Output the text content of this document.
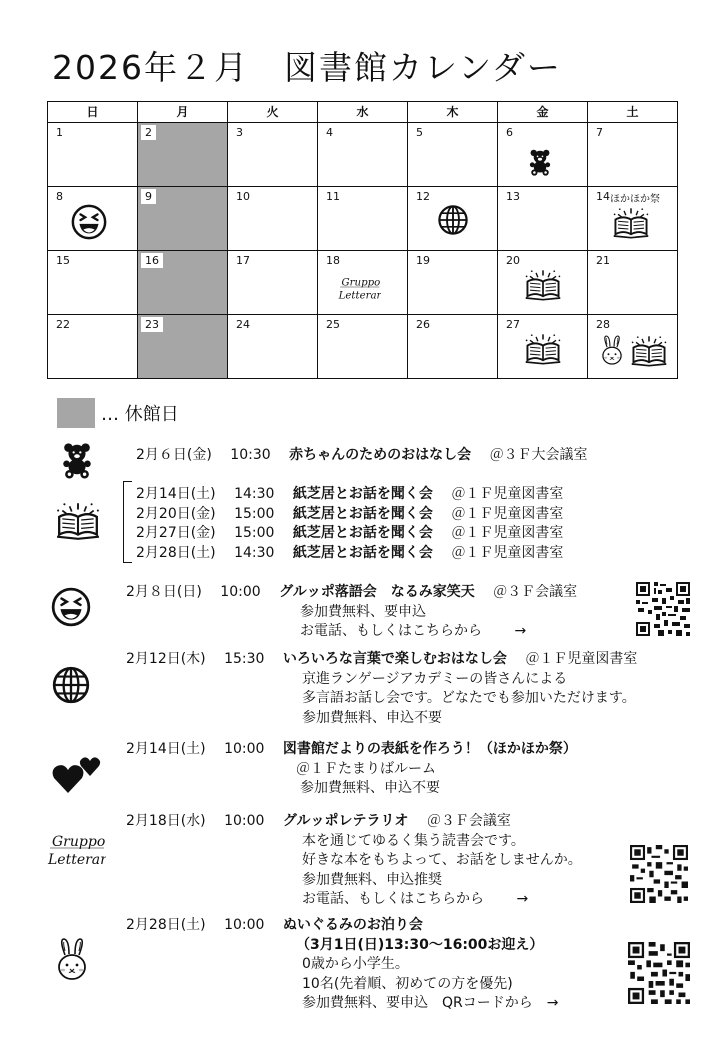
2026年２月　図書館カレンダー
日	月	火	水	木	金	土
1	2	3	4	5	6	7
8	9	10	11	12	13	14 ほかほか祭
15	16	17	18	19	20	21
22	23	24	25	26	27	28
… 休館日
2月６日(金)　 10:30　 赤ちゃんのためのおはなし会　 ＠３Ｆ大会議室
2月14日(土)　 14:30　 紙芝居とお話を聞く会　 ＠１Ｆ児童図書室
2月20日(金)　 15:00　 紙芝居とお話を聞く会　 ＠１Ｆ児童図書室
2月27日(金)　 15:00　 紙芝居とお話を聞く会　 ＠１Ｆ児童図書室
2月28日(土)　 14:30　 紙芝居とお話を聞く会　 ＠１Ｆ児童図書室
2月８日(日)　 10:00　 グルッポ落語会　なるみ家笑天　 ＠３Ｆ会議室
参加費無料、要申込
お電話、もしくはこちらから　　 →
2月12日(木)　 15:30　 いろいろな言葉で楽しむおはなし会　 ＠１Ｆ児童図書室
京進ランゲージアカデミーの皆さんによる
多言語お話し会です。どなたでも参加いただけます。
参加費無料、申込不要
2月14日(土)　 10:00　 図書館だよりの表紙を作ろう！（ほかほか祭）
＠１Ｆたまりばルーム
参加費無料、申込不要
2月18日(水)　 10:00　 グルッポレテラリオ　 ＠３Ｆ会議室
本を通じてゆるく集う読書会です。
好きな本をもちよって、お話をしませんか。
参加費無料、申込推奨
お電話、もしくはこちらから　　 →
2月28日(土)　 10:00　 ぬいぐるみのお泊り会
（3月1日(日)13:30～16:00お迎え）
0歳から小学生。
10名(先着順、初めての方を優先)
参加費無料、要申込　QRコードから　→
